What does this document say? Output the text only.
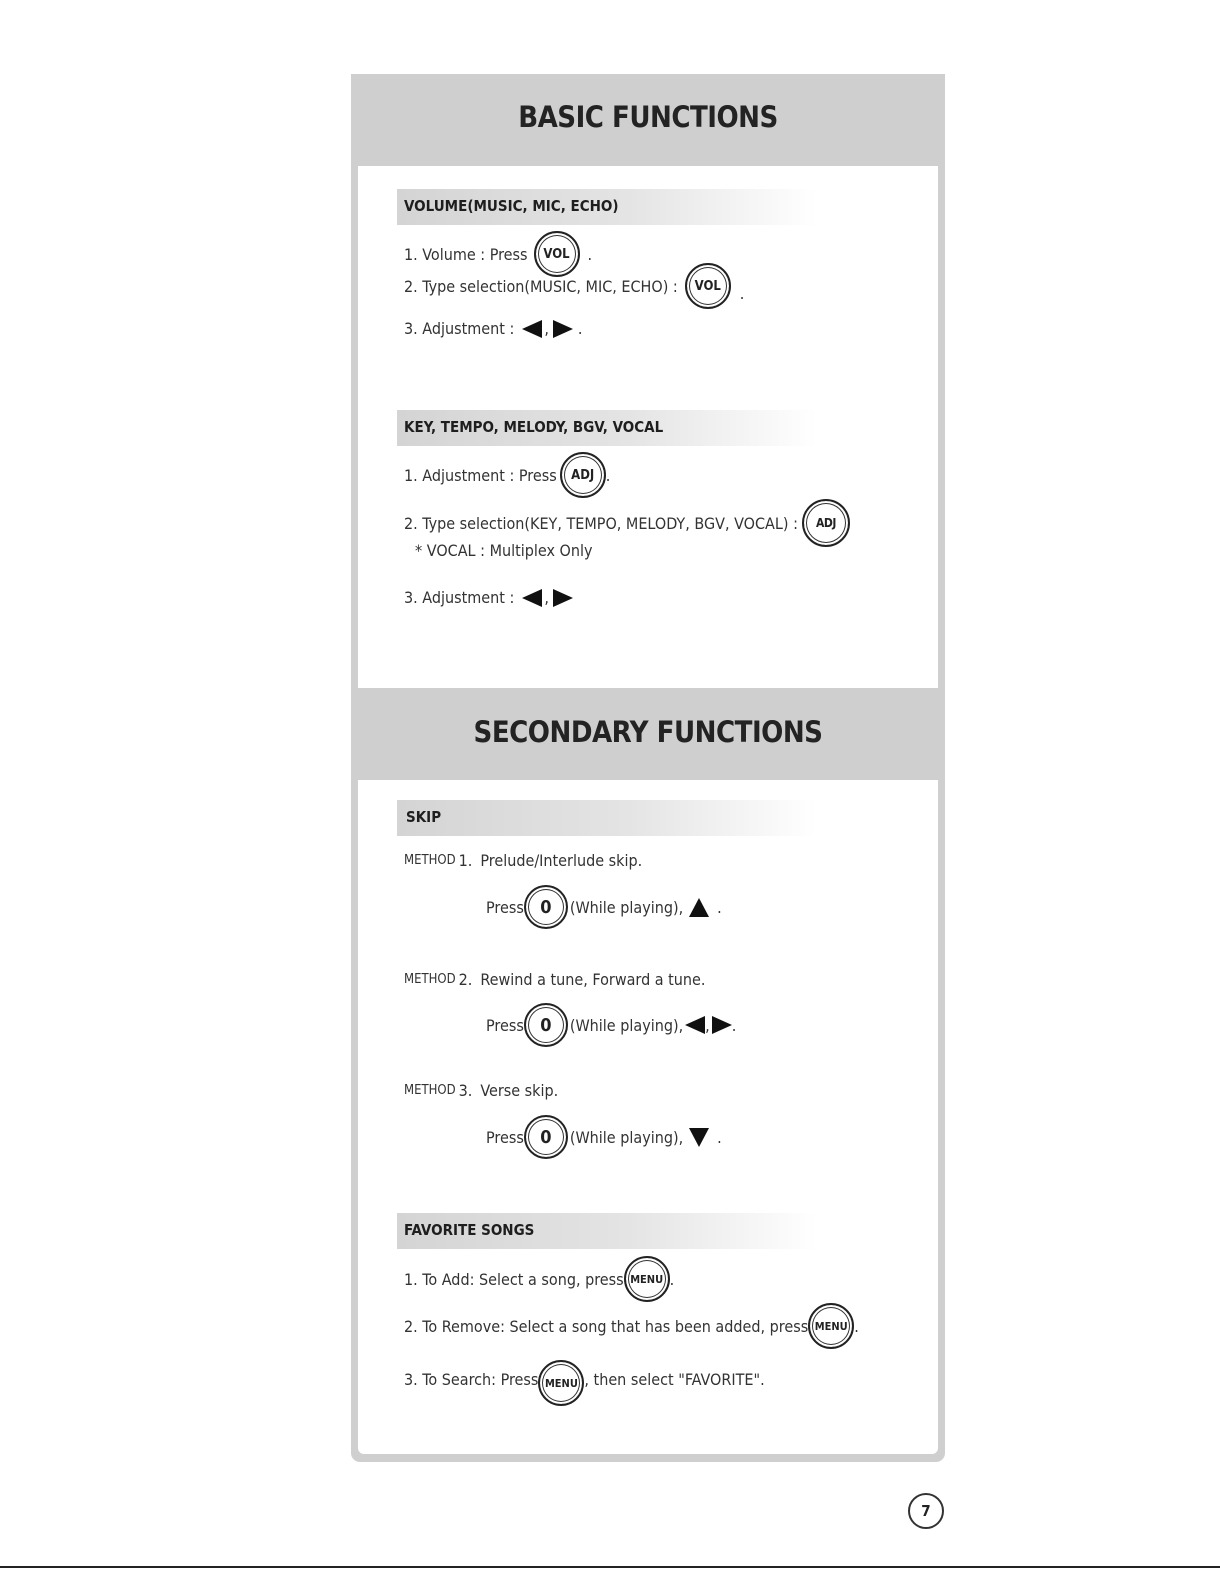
BASIC FUNCTIONS
VOLUME(MUSIC, MIC, ECHO)
1. Volume : Press	VOL	.
2. Type selection(MUSIC, MIC, ECHO) :	VOL	.
3. Adjustment : , .
KEY, TEMPO, MELODY, BGV, VOCAL
1. Adjustment : Press	ADJ .
2. Type selection(KEY, TEMPO, MELODY, BGV, VOCAL) :	ADJ
* VOCAL : Multiplex Only
3. Adjustment : ,
SECONDARY FUNCTIONS
SKIP
METHOD 1. Prelude/Interlude skip.
Press 0	(While playing), .
METHOD 2. Rewind a tune, Forward a tune.
Press 0	(While playing), , .
METHOD 3. Verse skip.
Press 0	(While playing), .
FAVORITE SONGS
1. To Add: Select a song, press MENU .
2. To Remove: Select a song that has been added, press MENU .
3. To Search: Press MENU , then select "FAVORITE".
7
